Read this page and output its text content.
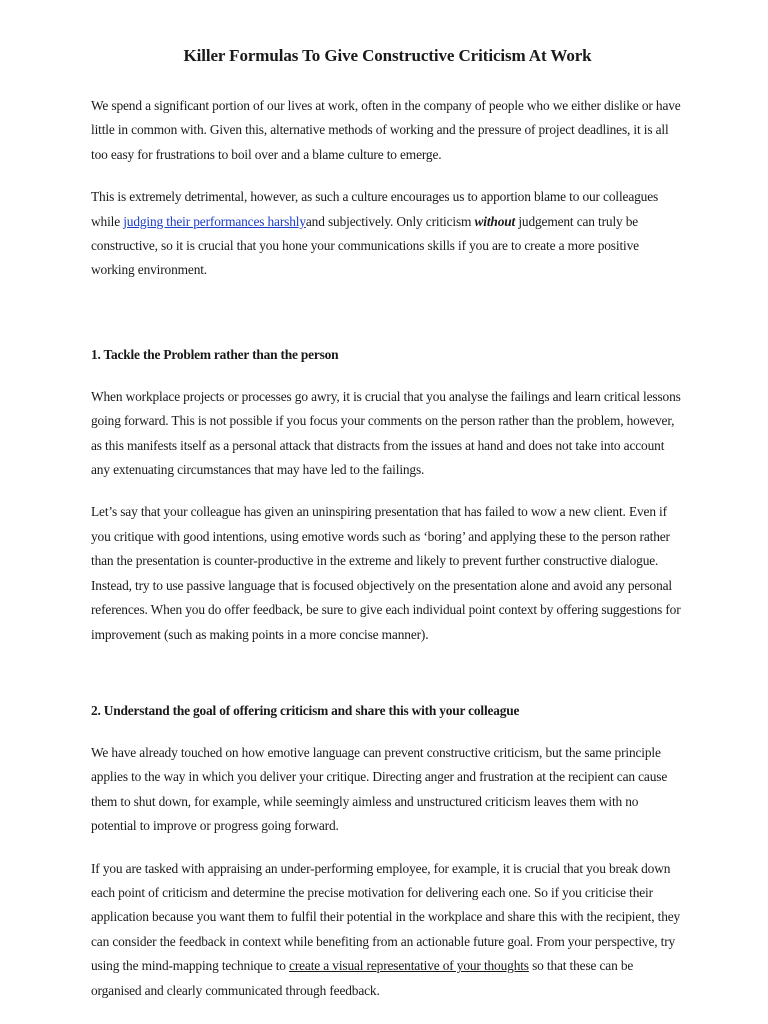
Killer Formulas To Give Constructive Criticism At Work

We spend a significant portion of our lives at work, often in the company of people who we either dislike or have little in common with. Given this, alternative methods of working and the pressure of project deadlines, it is all too easy for frustrations to boil over and a blame culture to emerge.

This is extremely detrimental, however, as such a culture encourages us to apportion blame to our colleagues while judging their performances harshlyand subjectively. Only criticism without judgement can truly be constructive, so it is crucial that you hone your communications skills if you are to create a more positive working environment.

1. Tackle the Problem rather than the person

When workplace projects or processes go awry, it is crucial that you analyse the failings and learn critical lessons going forward. This is not possible if you focus your comments on the person rather than the problem, however, as this manifests itself as a personal attack that distracts from the issues at hand and does not take into account any extenuating circumstances that may have led to the failings.

Let’s say that your colleague has given an uninspiring presentation that has failed to wow a new client. Even if you critique with good intentions, using emotive words such as ‘boring’ and applying these to the person rather than the presentation is counter-productive in the extreme and likely to prevent further constructive dialogue. Instead, try to use passive language that is focused objectively on the presentation alone and avoid any personal references. When you do offer feedback, be sure to give each individual point context by offering suggestions for improvement (such as making points in a more concise manner).

2. Understand the goal of offering criticism and share this with your colleague

We have already touched on how emotive language can prevent constructive criticism, but the same principle applies to the way in which you deliver your critique. Directing anger and frustration at the recipient can cause them to shut down, for example, while seemingly aimless and unstructured criticism leaves them with no potential to improve or progress going forward.

If you are tasked with appraising an under-performing employee, for example, it is crucial that you break down each point of criticism and determine the precise motivation for delivering each one. So if you criticise their application because you want them to fulfil their potential in the workplace and share this with the recipient, they can consider the feedback in context while benefiting from an actionable future goal. From your perspective, try using the mind-mapping technique to create a visual representative of your thoughts so that these can be organised and clearly communicated through feedback.
